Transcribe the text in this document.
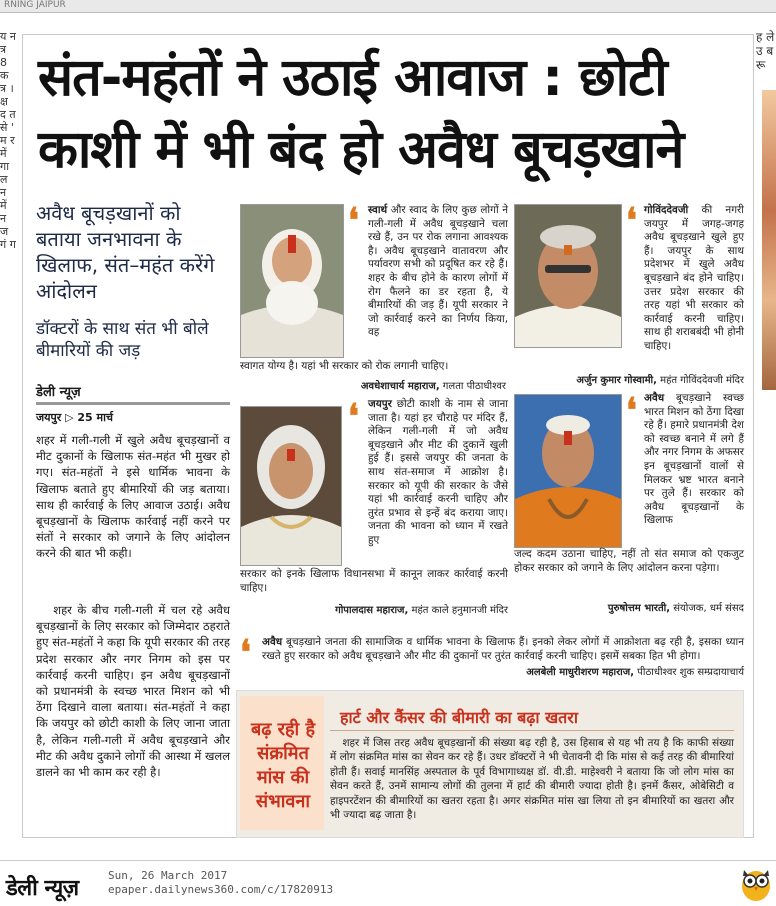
RNING JAIPUR
य न त्र 8 क त्र । क्ष द त से ' म र में गा ल न में न ज गं ग
ह ले उ ब रू
संत-महंतों ने उठाई आवाज : छोटी
काशी में भी बंद हो अवैध बूचड़खाने
अवैध बूचड़खानों को बताया जनभावना के खिलाफ, संत–महंत करेंगे आंदोलन
डॉक्टरों के साथ संत भी बोले बीमारियों की जड़
डेली न्यूज़
जयपुर ▷ 25 मार्च
शहर में गली-गली में खुले अवैध बूचड़खानों व मीट दुकानों के खिलाफ संत-महंत भी मुखर हो गए। संत-महंतों ने इसे धार्मिक भावना के खिलाफ बताते हुए बीमारियों की जड़ बताया। साथ ही कार्रवाई के लिए आवाज उठाई। अवैध बूचड़खानों के खिलाफ कार्रवाई नहीं करने पर संतों ने सरकार को जगाने के लिए आंदोलन करने की बात भी कही।
शहर के बीच गली-गली में चल रहे अवैध बूचड़खानों के लिए सरकार को जिम्मेदार ठहराते हुए संत-महंतों ने कहा कि यूपी सरकार की तरह प्रदेश सरकार और नगर निगम को इस पर कार्रवाई करनी चाहिए। इन अवैध बूचड़खानों को प्रधानमंत्री के स्वच्छ भारत मिशन को भी ठेंगा दिखाने वाला बताया। संत-महंतों ने कहा कि जयपुर को छोटी काशी के लिए जाना जाता है, लेकिन गली-गली में अवैध बूचड़खाने और मीट की अवैध दुकाने लोगों की आस्था में खलल डालने का भी काम कर रही है।
❛ स्वार्थ और स्वाद के लिए कुछ लोगों ने गली-गली में अवैध बूचड़खाने चला रखे हैं, उन पर रोक लगाना आवश्यक है। अवैध बूचड़खाने वातावरण और पर्यावरण सभी को प्रदूषित कर रहे हैं। शहर के बीच होने के कारण लोगों में रोग फैलने का डर रहता है, ये बीमारियों की जड़ हैं। यूपी सरकार ने जो कार्रवाई करने का निर्णय किया, वह
स्वागत योग्य है। यहां भी सरकार को रोक लगानी चाहिए।
अवधेशाचार्य महाराज, गलता पीठाधीश्वर
❛ गोविंददेवजी की नगरी जयपुर में जगह-जगह अवैध बूचड़खाने खुले हुए हैं। जयपुर के साथ प्रदेशभर में खुले अवैध बूचड़खाने बंद होने चाहिए। उत्तर प्रदेश सरकार की तरह यहां भी सरकार को कार्रवाई करनी चाहिए। साथ ही शराबबंदी भी होनी चाहिए।
अर्जुन कुमार गोस्वामी, महंत गोविंददेवजी मंदिर
❛ जयपुर छोटी काशी के नाम से जाना जाता है। यहां हर चौराहे पर मंदिर हैं, लेकिन गली-गली में जो अवैध बूचड़खाने और मीट की दुकानें खुली हुई हैं। इससे जयपुर की जनता के साथ संत-समाज में आक्रोश है। सरकार को यूपी की सरकार के जैसे यहां भी कार्रवाई करनी चाहिए और तुरंत प्रभाव से इन्हें बंद कराया जाए। जनता की भावना को ध्यान में रखते हुए
सरकार को इनके खिलाफ विधानसभा में कानून लाकर कार्रवाई करनी चाहिए।
गोपालदास महाराज, महंत काले हनुमानजी मंदिर
❛ अवैध बूचड़खाने स्वच्छ भारत मिशन को ठेंगा दिखा रहे हैं। हमारे प्रधानमंत्री देश को स्वच्छ बनाने में लगे हैं और नगर निगम के अफसर इन बूचड़खानों वालों से मिलकर भ्रष्ट भारत बनाने पर तुले हैं। सरकार को अवैध बूचड़खानों के खिलाफ
जल्द कदम उठाना चाहिए, नहीं तो संत समाज को एकजुट होकर सरकार को जगाने के लिए आंदोलन करना पड़ेगा।
पुरुषोत्तम भारती, संयोजक, धर्म संसद
❛ अवैध बूचड़खाने जनता की सामाजिक व धार्मिक भावना के खिलाफ हैं। इनको लेकर लोगों में आक्रोशता बढ़ रही है, इसका ध्यान रखते हुए सरकार को अवैध बूचड़खाने और मीट की दुकानों पर तुरंत कार्रवाई करनी चाहिए। इसमें सबका हित भी होगा।
अलबेली माधुरीशरण महाराज, पीठाधीश्वर शुक सम्प्रदायाचार्य
बढ़ रही है संक्रमित मांस की संभावना
हार्ट और कैंसर की बीमारी का बढ़ा खतरा
शहर में जिस तरह अवैध बूचड़खानों की संख्या बढ़ रही है, उस हिसाब से यह भी तय है कि काफी संख्या में लोग संक्रमित मांस का सेवन कर रहे हैं। उधर डॉक्टरों ने भी चेतावनी दी कि मांस से कई तरह की बीमारियां होती हैं। सवाई मानसिंह अस्पताल के पूर्व विभागाध्यक्ष डॉ. वी.डी. माहेश्वरी ने बताया कि जो लोग मांस का सेवन करते हैं, उनमें सामान्य लोगों की तुलना में हार्ट की बीमारी ज्यादा होती है। इनमें कैंसर, ओबेसिटी व हाइपरटेंशन की बीमारियों का खतरा रहता है। अगर संक्रमित मांस खा लिया तो इन बीमारियों का खतरा और भी ज्यादा बढ़ जाता है।
डेली न्यूज़
Sun, 26 March 2017
epaper.dailynews360.com/c/17820913
